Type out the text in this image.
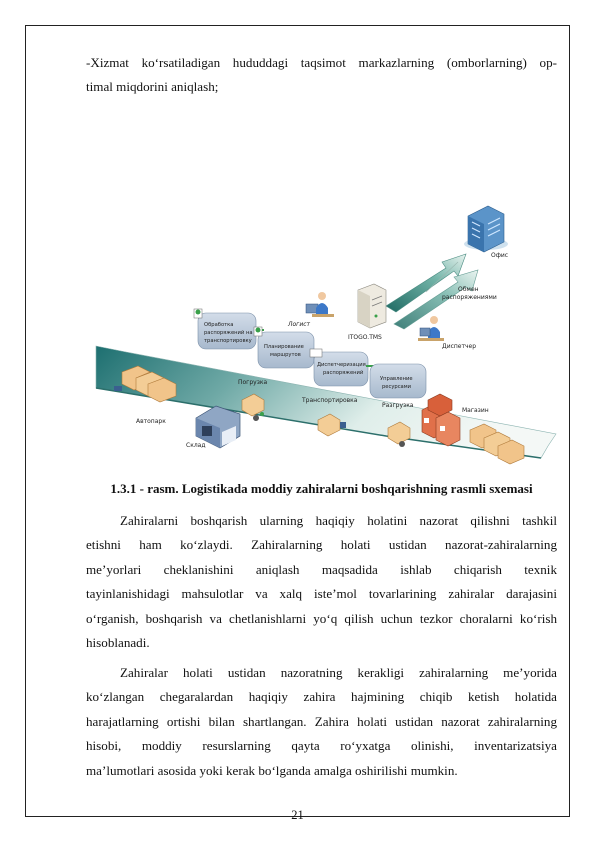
-Xizmat ko‘rsatiladigan hududdagi taqsimot markazlarning (omborlarning) op-
timal miqdorini aniqlash;
Офис
Обмен
распоряжениями
Логист
ITOGO.TMS
Диспетчер
Обработка
распоряжений на
транспортировку
Планирование
маршрутов
Диспетчеризация
распоряжений
Управление
ресурсами
Погрузка
Транспортировка
Разгрузка
Магазин
Автопарк
Склад
1.3.1 - rasm. Logistikada moddiy zahiralarni boshqarishning rasmli sxemasi
Zahiralarni boshqarish ularning haqiqiy holatini nazorat qilishni tashkil
etishni ham ko‘zlaydi. Zahiralarning holati ustidan nazorat-zahiralarning
me’yorlari cheklanishini aniqlash maqsadida ishlab chiqarish texnik
tayinlanishidagi mahsulotlar va xalq iste’mol tovarlarining zahiralar darajasini
o‘rganish, boshqarish va chetlanishlarni yo‘q qilish uchun tezkor choralarni ko‘rish
hisoblanadi.
Zahiralar holati ustidan nazoratning kerakligi zahiralarning me’yorida
ko‘zlangan chegaralardan haqiqiy zahira hajmining chiqib ketish holatida
harajatlarning ortishi bilan shartlangan. Zahira holati ustidan nazorat zahiralarning
hisobi, moddiy resurslarning qayta ro‘yxatga olinishi, inventarizatsiya
ma’lumotlari asosida yoki kerak bo‘lganda amalga oshirilishi mumkin.
21
